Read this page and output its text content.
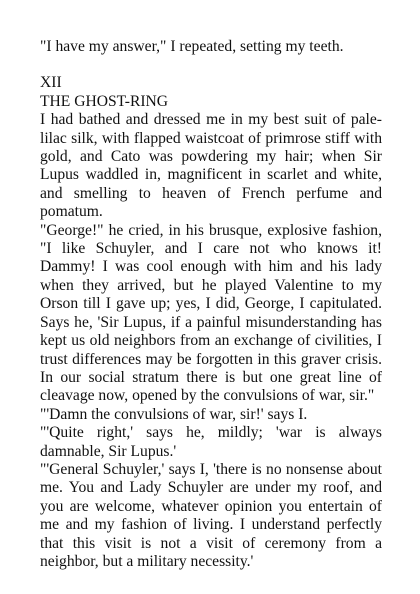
"I have my answer," I repeated, setting my teeth.

XII
THE GHOST-RING

I had bathed and dressed me in my best suit of pale-lilac silk, with flapped waistcoat of primrose stiff with gold, and Cato was powdering my hair; when Sir Lupus waddled in, magnificent in scarlet and white, and smelling to heaven of French perfume and pomatum.

"George!" he cried, in his brusque, explosive fashion, "I like Schuyler, and I care not who knows it! Dammy! I was cool enough with him and his lady when they arrived, but he played Valentine to my Orson till I gave up; yes, I did, George, I capitulated. Says he, 'Sir Lupus, if a painful misunderstanding has kept us old neighbors from an exchange of civilities, I trust differences may be forgotten in this graver crisis. In our social stratum there is but one great line of cleavage now, opened by the convulsions of war, sir."

"'Damn the convulsions of war, sir!' says I.

"'Quite right,' says he, mildly; 'war is always damnable, Sir Lupus.'

"'General Schuyler,' says I, 'there is no nonsense about me. You and Lady Schuyler are under my roof, and you are welcome, whatever opinion you entertain of me and my fashion of living. I understand perfectly that this visit is not a visit of ceremony from a neighbor, but a military necessity.'
